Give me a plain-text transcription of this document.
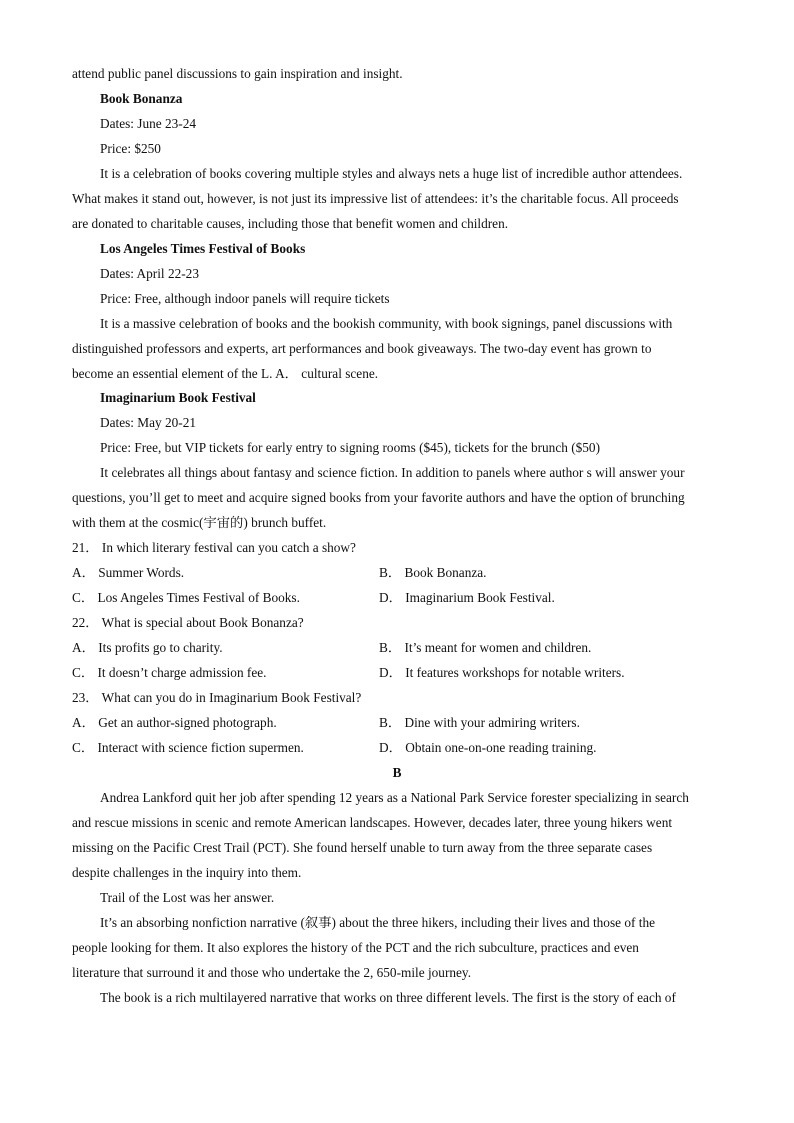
attend public panel discussions to gain inspiration and insight.
Book Bonanza
Dates: June 23-24
Price: $250
It is a celebration of books covering multiple styles and always nets a huge list of incredible author attendees.
What makes it stand out, however, is not just its impressive list of attendees: it’s the charitable focus. All proceeds
are donated to charitable causes, including those that benefit women and children.
Los Angeles Times Festival of Books
Dates: April 22-23
Price: Free, although indoor panels will require tickets
It is a massive celebration of books and the bookish community, with book signings, panel discussions with
distinguished professors and experts, art performances and book giveaways. The two-day event has grown to
become an essential element of the L. A． cultural scene.
Imaginarium Book Festival
Dates: May 20-21
Price: Free, but VIP tickets for early entry to signing rooms ($45), tickets for the brunch ($50)
It celebrates all things about fantasy and science fiction. In addition to panels where author s will answer your
questions, you’ll get to meet and acquire signed books from your favorite authors and have the option of brunching
with them at the cosmic(宇宙的) brunch buffet.
21． In which literary festival can you catch a show?
A． Summer Words.	B． Book Bonanza.
C． Los Angeles Times Festival of Books.	D． Imaginarium Book Festival.
22． What is special about Book Bonanza?
A． Its profits go to charity.	B． It’s meant for women and children.
C． It doesn’t charge admission fee.	D． It features workshops for notable writers.
23． What can you do in Imaginarium Book Festival?
A． Get an author-signed photograph.	B． Dine with your admiring writers.
C． Interact with science fiction supermen.	D． Obtain one-on-one reading training.
B
Andrea Lankford quit her job after spending 12 years as a National Park Service forester specializing in search
and rescue missions in scenic and remote American landscapes. However, decades later, three young hikers went
missing on the Pacific Crest Trail (PCT). She found herself unable to turn away from the three separate cases
despite challenges in the inquiry into them.
Trail of the Lost was her answer.
It’s an absorbing nonfiction narrative (叙事) about the three hikers, including their lives and those of the
people looking for them. It also explores the history of the PCT and the rich subculture, practices and even
literature that surround it and those who undertake the 2, 650-mile journey.
The book is a rich multilayered narrative that works on three different levels. The first is the story of each of
